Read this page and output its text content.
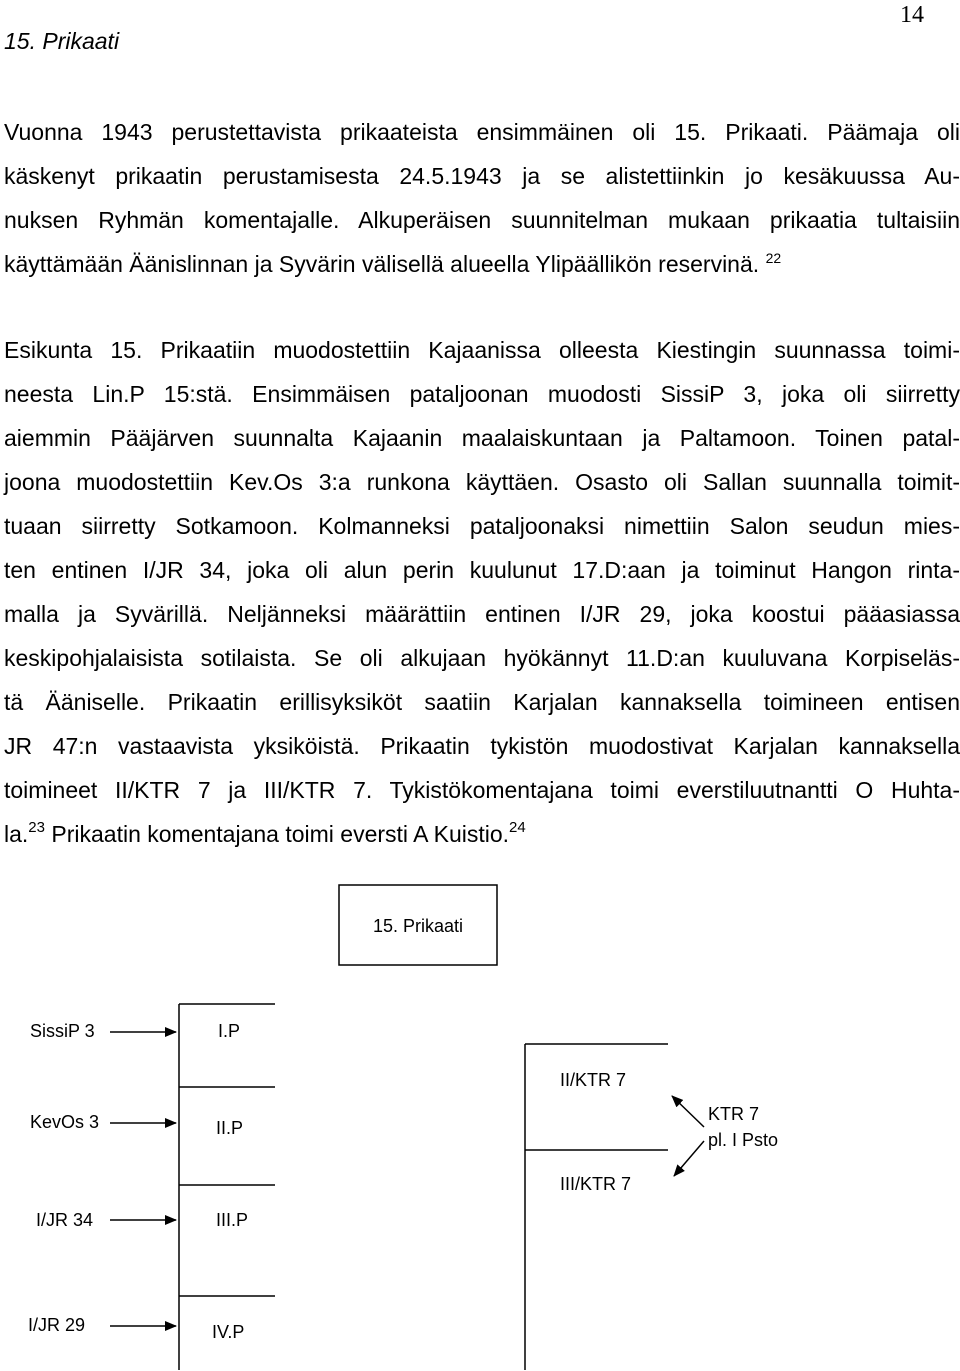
14
15. Prikaati

Vuonna 1943 perustettavista prikaateista ensimmäinen oli 15. Prikaati. Päämaja oli
käskenyt prikaatin perustamisesta 24.5.1943 ja se alistettiinkin jo kesäkuussa Au-
nuksen Ryhmän komentajalle. Alkuperäisen suunnitelman mukaan prikaatia tultaisiin
käyttämään Äänislinnan ja Syvärin välisellä alueella Ylipäällikön reservinä. $^{22}$

Esikunta 15. Prikaatiin muodostettiin Kajaanissa olleesta Kiestingin suunnassa toimi-
neesta Lin.P 15:stä. Ensimmäisen pataljoonan muodosti SissiP 3, joka oli siirretty
aiemmin Pääjärven suunnalta Kajaanin maalaiskuntaan ja Paltamoon. Toinen patal-
joona muodostettiin Kev.Os 3:a runkona käyttäen. Osasto oli Sallan suunnalla toimit-
tuaan siirretty Sotkamoon. Kolmanneksi pataljoonaksi nimettiin Salon seudun mies-
ten entinen I/JR 34, joka oli alun perin kuulunut 17.D:aan ja toiminut Hangon rinta-
malla ja Syvärillä. Neljänneksi määrättiin entinen I/JR 29, joka koostui pääasiassa
keskipohjalaisista sotilaista. Se oli alkujaan hyökännyt 11.D:an kuuluvana Korpiseläs-
tä Ääniselle. Prikaatin erillisyksiköt saatiin Karjalan kannaksella toimineen entisen
JR 47:n vastaavista yksiköistä. Prikaatin tykistön muodostivat Karjalan kannaksella
toimineet II/KTR 7 ja III/KTR 7. Tykistökomentajana toimi everstiluutnantti O Huhta-
la.$^{23}$ Prikaatin komentajana toimi eversti A Kuistio.$^{24}$

15. Prikaati
SissiP 3
KevOs 3
I/JR 34
I/JR 29
I.P
II.P
III.P
IV.P
II/KTR 7
III/KTR 7
KTR 7
pl. I Psto
